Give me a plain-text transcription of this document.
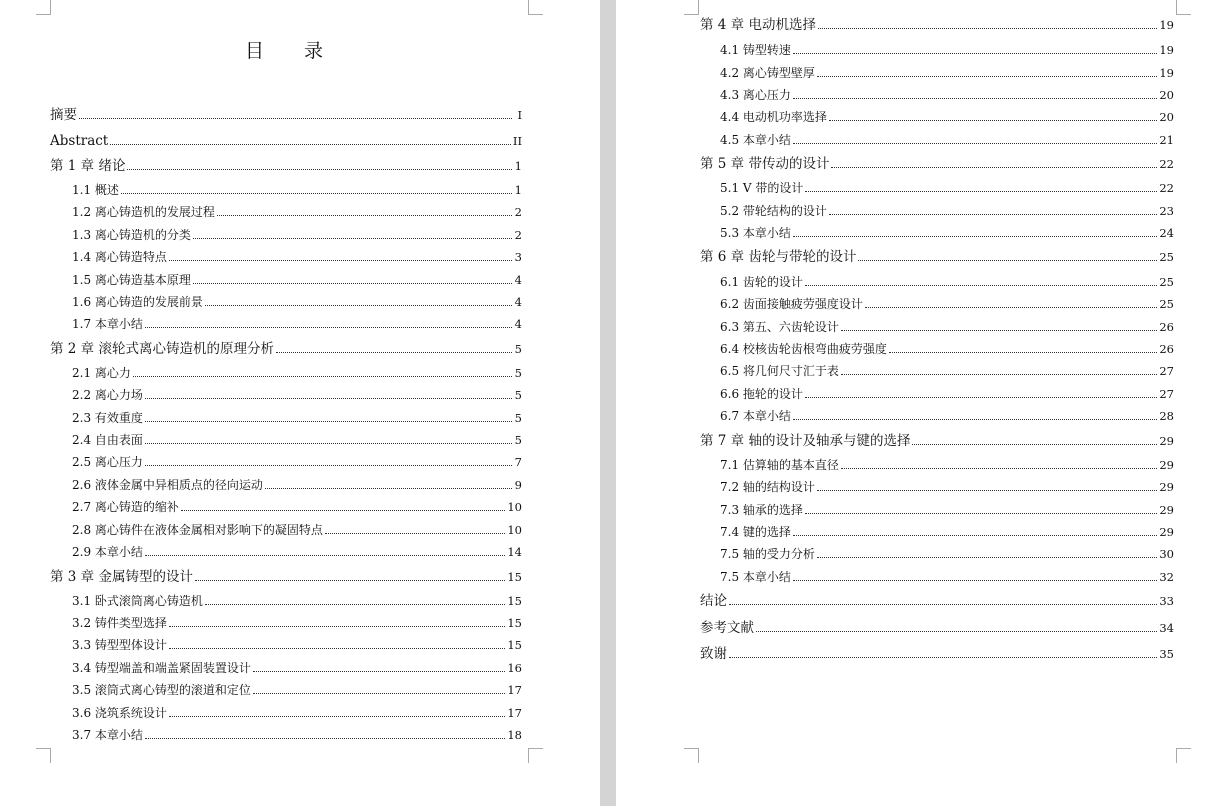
目 录
摘要	I
Abstract	II
第 1 章 绪论	1
1.1 概述	1
1.2 离心铸造机的发展过程	2
1.3 离心铸造机的分类	2
1.4 离心铸造特点	3
1.5 离心铸造基本原理	4
1.6 离心铸造的发展前景	4
1.7 本章小结	4
第 2 章 滚轮式离心铸造机的原理分析	5
2.1 离心力	5
2.2 离心力场	5
2.3 有效重度	5
2.4 自由表面	5
2.5 离心压力	7
2.6 液体金属中异相质点的径向运动	9
2.7 离心铸造的缩补	10
2.8 离心铸件在液体金属相对影响下的凝固特点	10
2.9 本章小结	14
第 3 章 金属铸型的设计	15
3.1 卧式滚筒离心铸造机	15
3.2 铸件类型选择	15
3.3 铸型型体设计	15
3.4 铸型端盖和端盖紧固装置设计	16
3.5 滚筒式离心铸型的滚道和定位	17
3.6 浇筑系统设计	17
3.7 本章小结	18
第 4 章 电动机选择	19
4.1 铸型转速	19
4.2 离心铸型壁厚	19
4.3 离心压力	20
4.4 电动机功率选择	20
4.5 本章小结	21
第 5 章 带传动的设计	22
5.1 V 带的设计	22
5.2 带轮结构的设计	23
5.3 本章小结	24
第 6 章 齿轮与带轮的设计	25
6.1 齿轮的设计	25
6.2 齿面接触疲劳强度设计	25
6.3 第五、六齿轮设计	26
6.4 校核齿轮齿根弯曲疲劳强度	26
6.5 将几何尺寸汇于表	27
6.6 拖轮的设计	27
6.7 本章小结	28
第 7 章 轴的设计及轴承与键的选择	29
7.1 估算轴的基本直径	29
7.2 轴的结构设计	29
7.3 轴承的选择	29
7.4 键的选择	29
7.5 轴的受力分析	30
7.5 本章小结	32
结论	33
参考文献	34
致谢	35
